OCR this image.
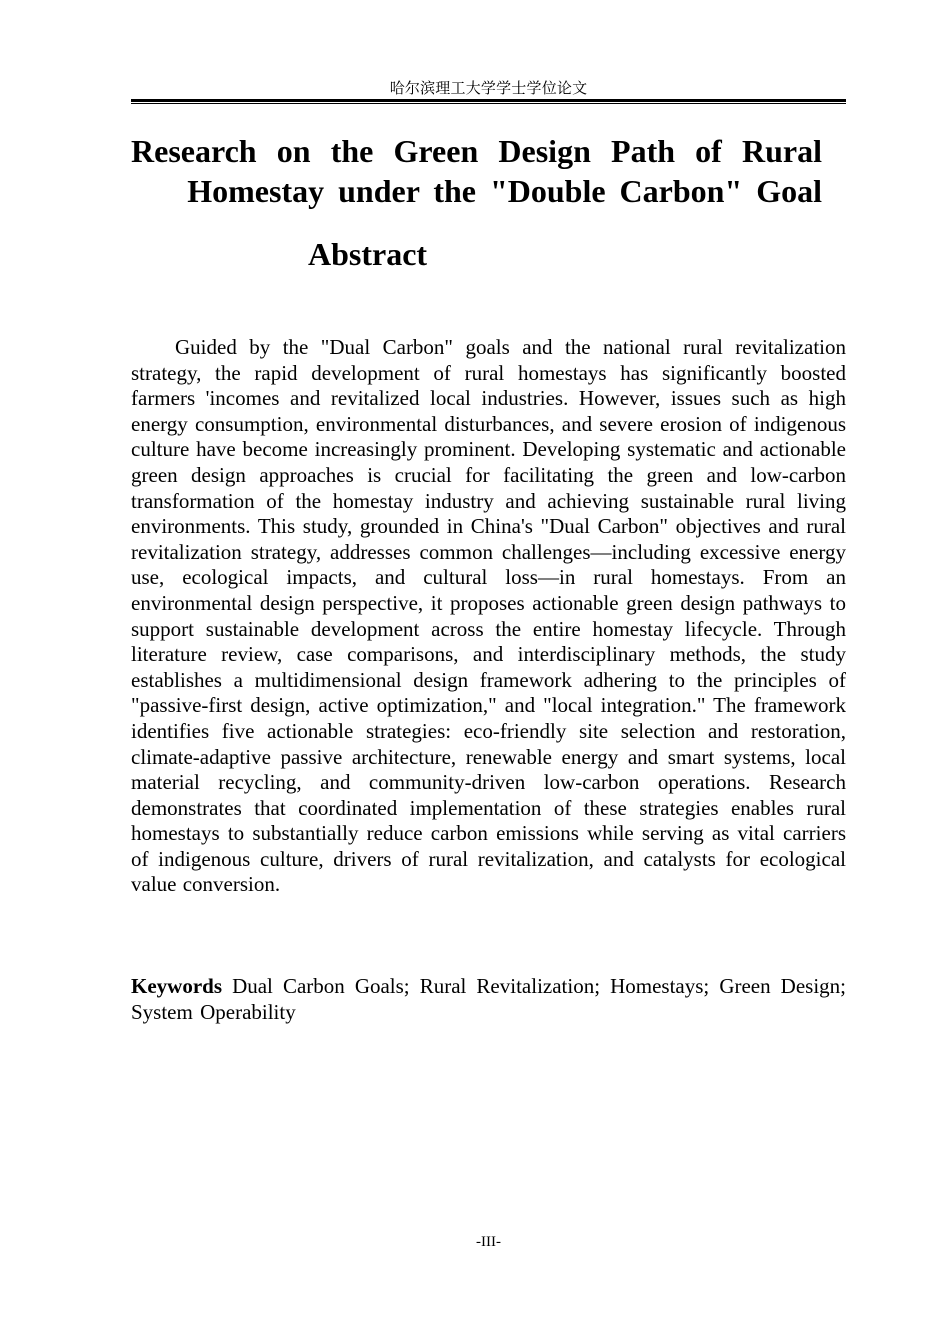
哈尔滨理工大学学士学位论文
Research on the Green Design Path of Rural Homestay under the "Double Carbon" Goal
Abstract

Guided by the "Dual Carbon" goals and the national rural revitalization strategy, the rapid development of rural homestays has significantly boosted farmers 'incomes and revitalized local industries. However, issues such as high energy consumption, environmental disturbances, and severe erosion of indigenous culture have become increasingly prominent. Developing systematic and actionable green design approaches is crucial for facilitating the green and low-carbon transformation of the homestay industry and achieving sustainable rural living environments. This study, grounded in China's "Dual Carbon" objectives and rural revitalization strategy, addresses common challenges—including excessive energy use, ecological impacts, and cultural loss—in rural homestays. From an environmental design perspective, it proposes actionable green design pathways to support sustainable development across the entire homestay lifecycle. Through literature review, case comparisons, and interdisciplinary methods, the study establishes a multidimensional design framework adhering to the principles of "passive-first design, active optimization," and "local integration." The framework identifies five actionable strategies: eco-friendly site selection and restoration, climate-adaptive passive architecture, renewable energy and smart systems, local material recycling, and community-driven low-carbon operations. Research demonstrates that coordinated implementation of these strategies enables rural homestays to substantially reduce carbon emissions while serving as vital carriers of indigenous culture, drivers of rural revitalization, and catalysts for ecological value conversion.

Keywords Dual Carbon Goals; Rural Revitalization; Homestays; Green Design; System Operability

-III-
